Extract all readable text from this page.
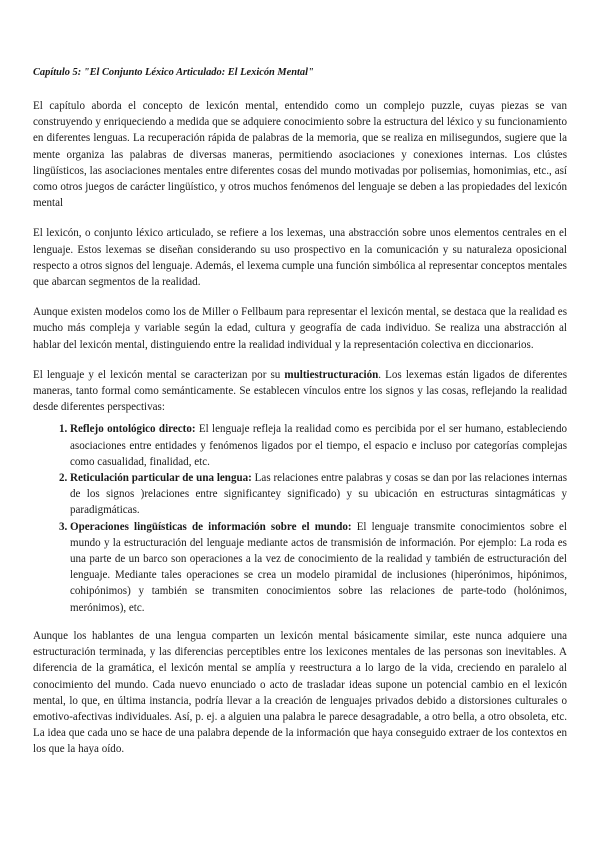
Capítulo 5: "El Conjunto Léxico Articulado: El Lexicón Mental"

El capítulo aborda el concepto de lexicón mental, entendido como un complejo puzzle, cuyas piezas se van construyendo y enriqueciendo a medida que se adquiere conocimiento sobre la estructura del léxico y su funcionamiento en diferentes lenguas. La recuperación rápida de palabras de la memoria, que se realiza en milisegundos, sugiere que la mente organiza las palabras de diversas maneras, permitiendo asociaciones y conexiones internas. Los clústes lingüísticos, las asociaciones mentales entre diferentes cosas del mundo motivadas por polisemias, homonimias, etc., así como otros juegos de carácter lingüístico, y otros muchos fenómenos del lenguaje se deben a las propiedades del lexicón mental

El lexicón, o conjunto léxico articulado, se refiere a los lexemas, una abstracción sobre unos elementos centrales en el lenguaje. Estos lexemas se diseñan considerando su uso prospectivo en la comunicación y su naturaleza oposicional respecto a otros signos del lenguaje. Además, el lexema cumple una función simbólica al representar conceptos mentales que abarcan segmentos de la realidad.

Aunque existen modelos como los de Miller o Fellbaum para representar el lexicón mental, se destaca que la realidad es mucho más compleja y variable según la edad, cultura y geografía de cada individuo. Se realiza una abstracción al hablar del lexicón mental, distinguiendo entre la realidad individual y la representación colectiva en diccionarios.

El lenguaje y el lexicón mental se caracterizan por su multiestructuración. Los lexemas están ligados de diferentes maneras, tanto formal como semánticamente. Se establecen vínculos entre los signos y las cosas, reflejando la realidad desde diferentes perspectivas:

1. Reflejo ontológico directo: El lenguaje refleja la realidad como es percibida por el ser humano, estableciendo asociaciones entre entidades y fenómenos ligados por el tiempo, el espacio e incluso por categorías complejas como casualidad, finalidad, etc.
2. Reticulación particular de una lengua: Las relaciones entre palabras y cosas se dan por las relaciones internas de los signos )relaciones entre significantey significado) y su ubicación en estructuras sintagmáticas y paradigmáticas.
3. Operaciones lingüísticas de información sobre el mundo: El lenguaje transmite conocimientos sobre el mundo y la estructuración del lenguaje mediante actos de transmisión de información. Por ejemplo: La roda es una parte de un barco son operaciones a la vez de conocimiento de la realidad y también de estructuración del lenguaje. Mediante tales operaciones se crea un modelo piramidal de inclusiones (hiperónimos, hipónimos, cohipónimos) y también se transmiten conocimientos sobre las relaciones de parte-todo (holónimos, merónimos), etc.

Aunque los hablantes de una lengua comparten un lexicón mental básicamente similar, este nunca adquiere una estructuración terminada, y las diferencias perceptibles entre los lexicones mentales de las personas son inevitables. A diferencia de la gramática, el lexicón mental se amplía y reestructura a lo largo de la vida, creciendo en paralelo al conocimiento del mundo. Cada nuevo enunciado o acto de trasladar ideas supone un potencial cambio en el lexicón mental, lo que, en última instancia, podría llevar a la creación de lenguajes privados debido a distorsiones culturales o emotivo-afectivas individuales. Así, p. ej. a alguien una palabra le parece desagradable, a otro bella, a otro obsoleta, etc. La idea que cada uno se hace de una palabra depende de la información que haya conseguido extraer de los contextos en los que la haya oído.
